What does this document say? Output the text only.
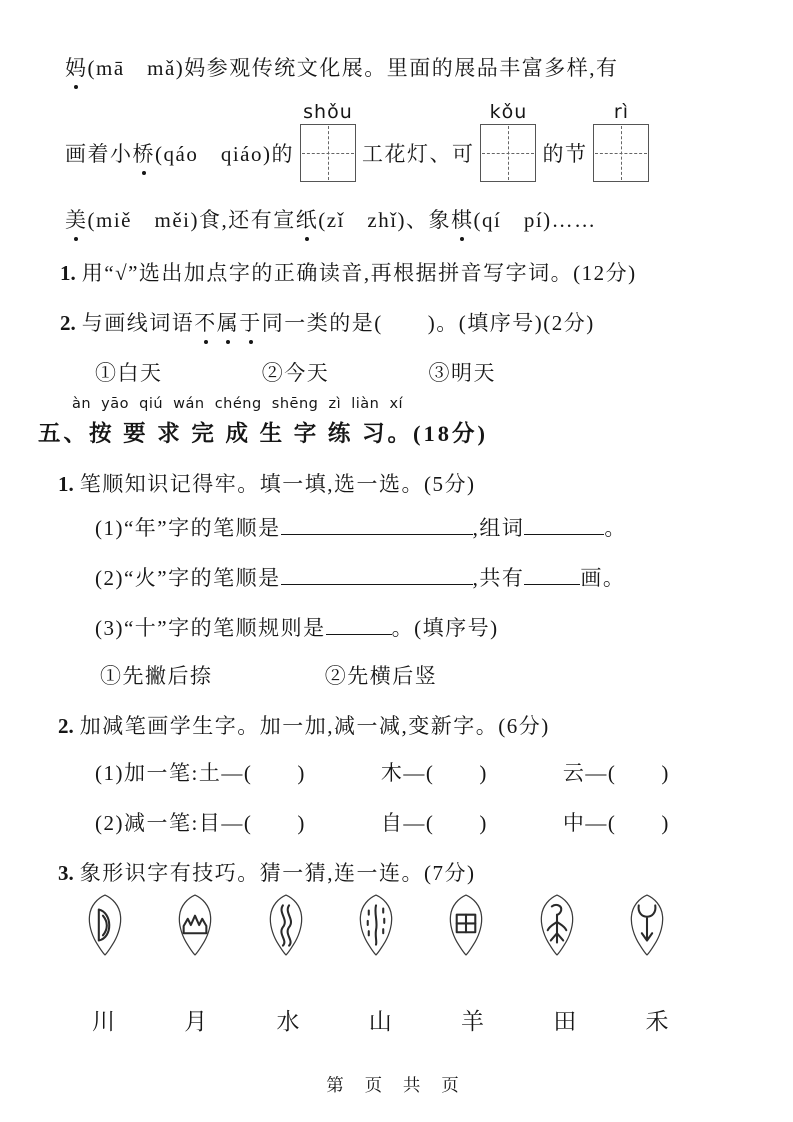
妈(mā　mǎ)妈参观传统文化展。里面的展品丰富多样,有
画着小 桥 (qáo　qiáo)的
shǒu
工花灯、可
kǒu
的节
rì
美(miě　měi)食,还有宣纸(zǐ　zhǐ)、象棋(qí　pí)……
1. 用“√”选出加点字的正确读音,再根据拼音写字词。(12分)
2. 与画线词语不属于同一类的是(　　)。(填序号)(2分)
①白天	②今天	③明天
àn yāo qiú wán chéng shēng zì liàn xí
五、按 要 求 完 成 生 字 练 习。(18分)
1. 笔顺知识记得牢。填一填,选一选。(5分)
(1)“年”字的笔顺是	,组词	。
(2)“火”字的笔顺是	,共有	画。
(3)“十”字的笔顺规则是	。(填序号)
①先撇后捺	②先横后竖
2. 加减笔画学生字。加一加,减一减,变新字。(6分)
(1)加一笔:土—(　　)	木—(　　)	云—(　　)
(2)减一笔:目—(　　)	自—(　　)	中—(　　)
3. 象形识字有技巧。猜一猜,连一连。(7分)
川	月	水	山	羊	田	禾
第 页 共 页
